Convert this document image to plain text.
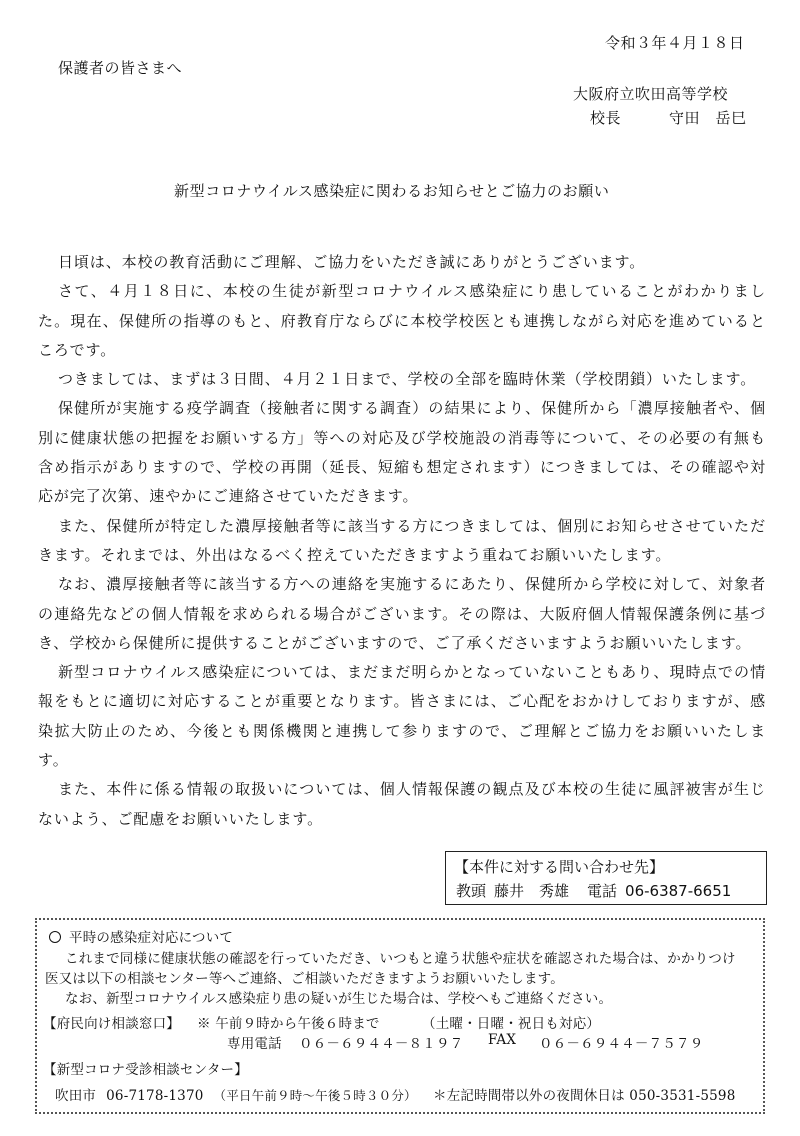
令和３年４月１８日
保護者の皆さまへ
大阪府立吹田高等学校
校長	守田　岳巳
新型コロナウイルス感染症に関わるお知らせとご協力のお願い

日頃は、本校の教育活動にご理解、ご協力をいただき誠にありがとうございます。

さて、４月１８日に、本校の生徒が新型コロナウイルス感染症にり患していることがわかりました。現在、保健所の指導のもと、府教育庁ならびに本校学校医とも連携しながら対応を進めているところです。

つきましては、まずは３日間、４月２１日まで、学校の全部を臨時休業（学校閉鎖）いたします。

保健所が実施する疫学調査（接触者に関する調査）の結果により、保健所から「濃厚接触者や、個別に健康状態の把握をお願いする方」等への対応及び学校施設の消毒等について、その必要の有無も含め指示がありますので、学校の再開（延長、短縮も想定されます）につきましては、その確認や対応が完了次第、速やかにご連絡させていただきます。

また、保健所が特定した濃厚接触者等に該当する方につきましては、個別にお知らせさせていただきます。それまでは、外出はなるべく控えていただきますよう重ねてお願いいたします。

なお、濃厚接触者等に該当する方への連絡を実施するにあたり、保健所から学校に対して、対象者の連絡先などの個人情報を求められる場合がございます。その際は、大阪府個人情報保護条例に基づき、学校から保健所に提供することがございますので、ご了承くださいますようお願いいたします。

新型コロナウイルス感染症については、まだまだ明らかとなっていないこともあり、現時点での情報をもとに適切に対応することが重要となります。皆さまには、ご心配をおかけしておりますが、感染拡大防止のため、今後とも関係機関と連携して参りますので、ご理解とご協力をお願いいたします。

また、本件に係る情報の取扱いについては、個人情報保護の観点及び本校の生徒に風評被害が生じないよう、ご配慮をお願いいたします。

【本件に対する問い合わせ先】
教頭 藤井　秀雄 電話 06-6387-6651
平時の感染症対応について
これまで同様に健康状態の確認を行っていただき、いつもと違う状態や症状を確認された場合は、かかりつけ
医又は以下の相談センター等へご連絡、ご相談いただきますようお願いいたします。
なお、新型コロナウイルス感染症り患の疑いが生じた場合は、学校へもご連絡ください。
【府民向け相談窓口】 ※ 午前９時から午後６時まで	（土曜・日曜・祝日も対応）
専用電話 ０６－６９４４－８１９７ FAX ０６－６９４４－７５７９
【新型コロナ受診相談センター】
吹田市 06-7178-1370 （平日午前９時～午後５時３０分） ＊左記時間帯以外の夜間休日は 050-3531-5598
